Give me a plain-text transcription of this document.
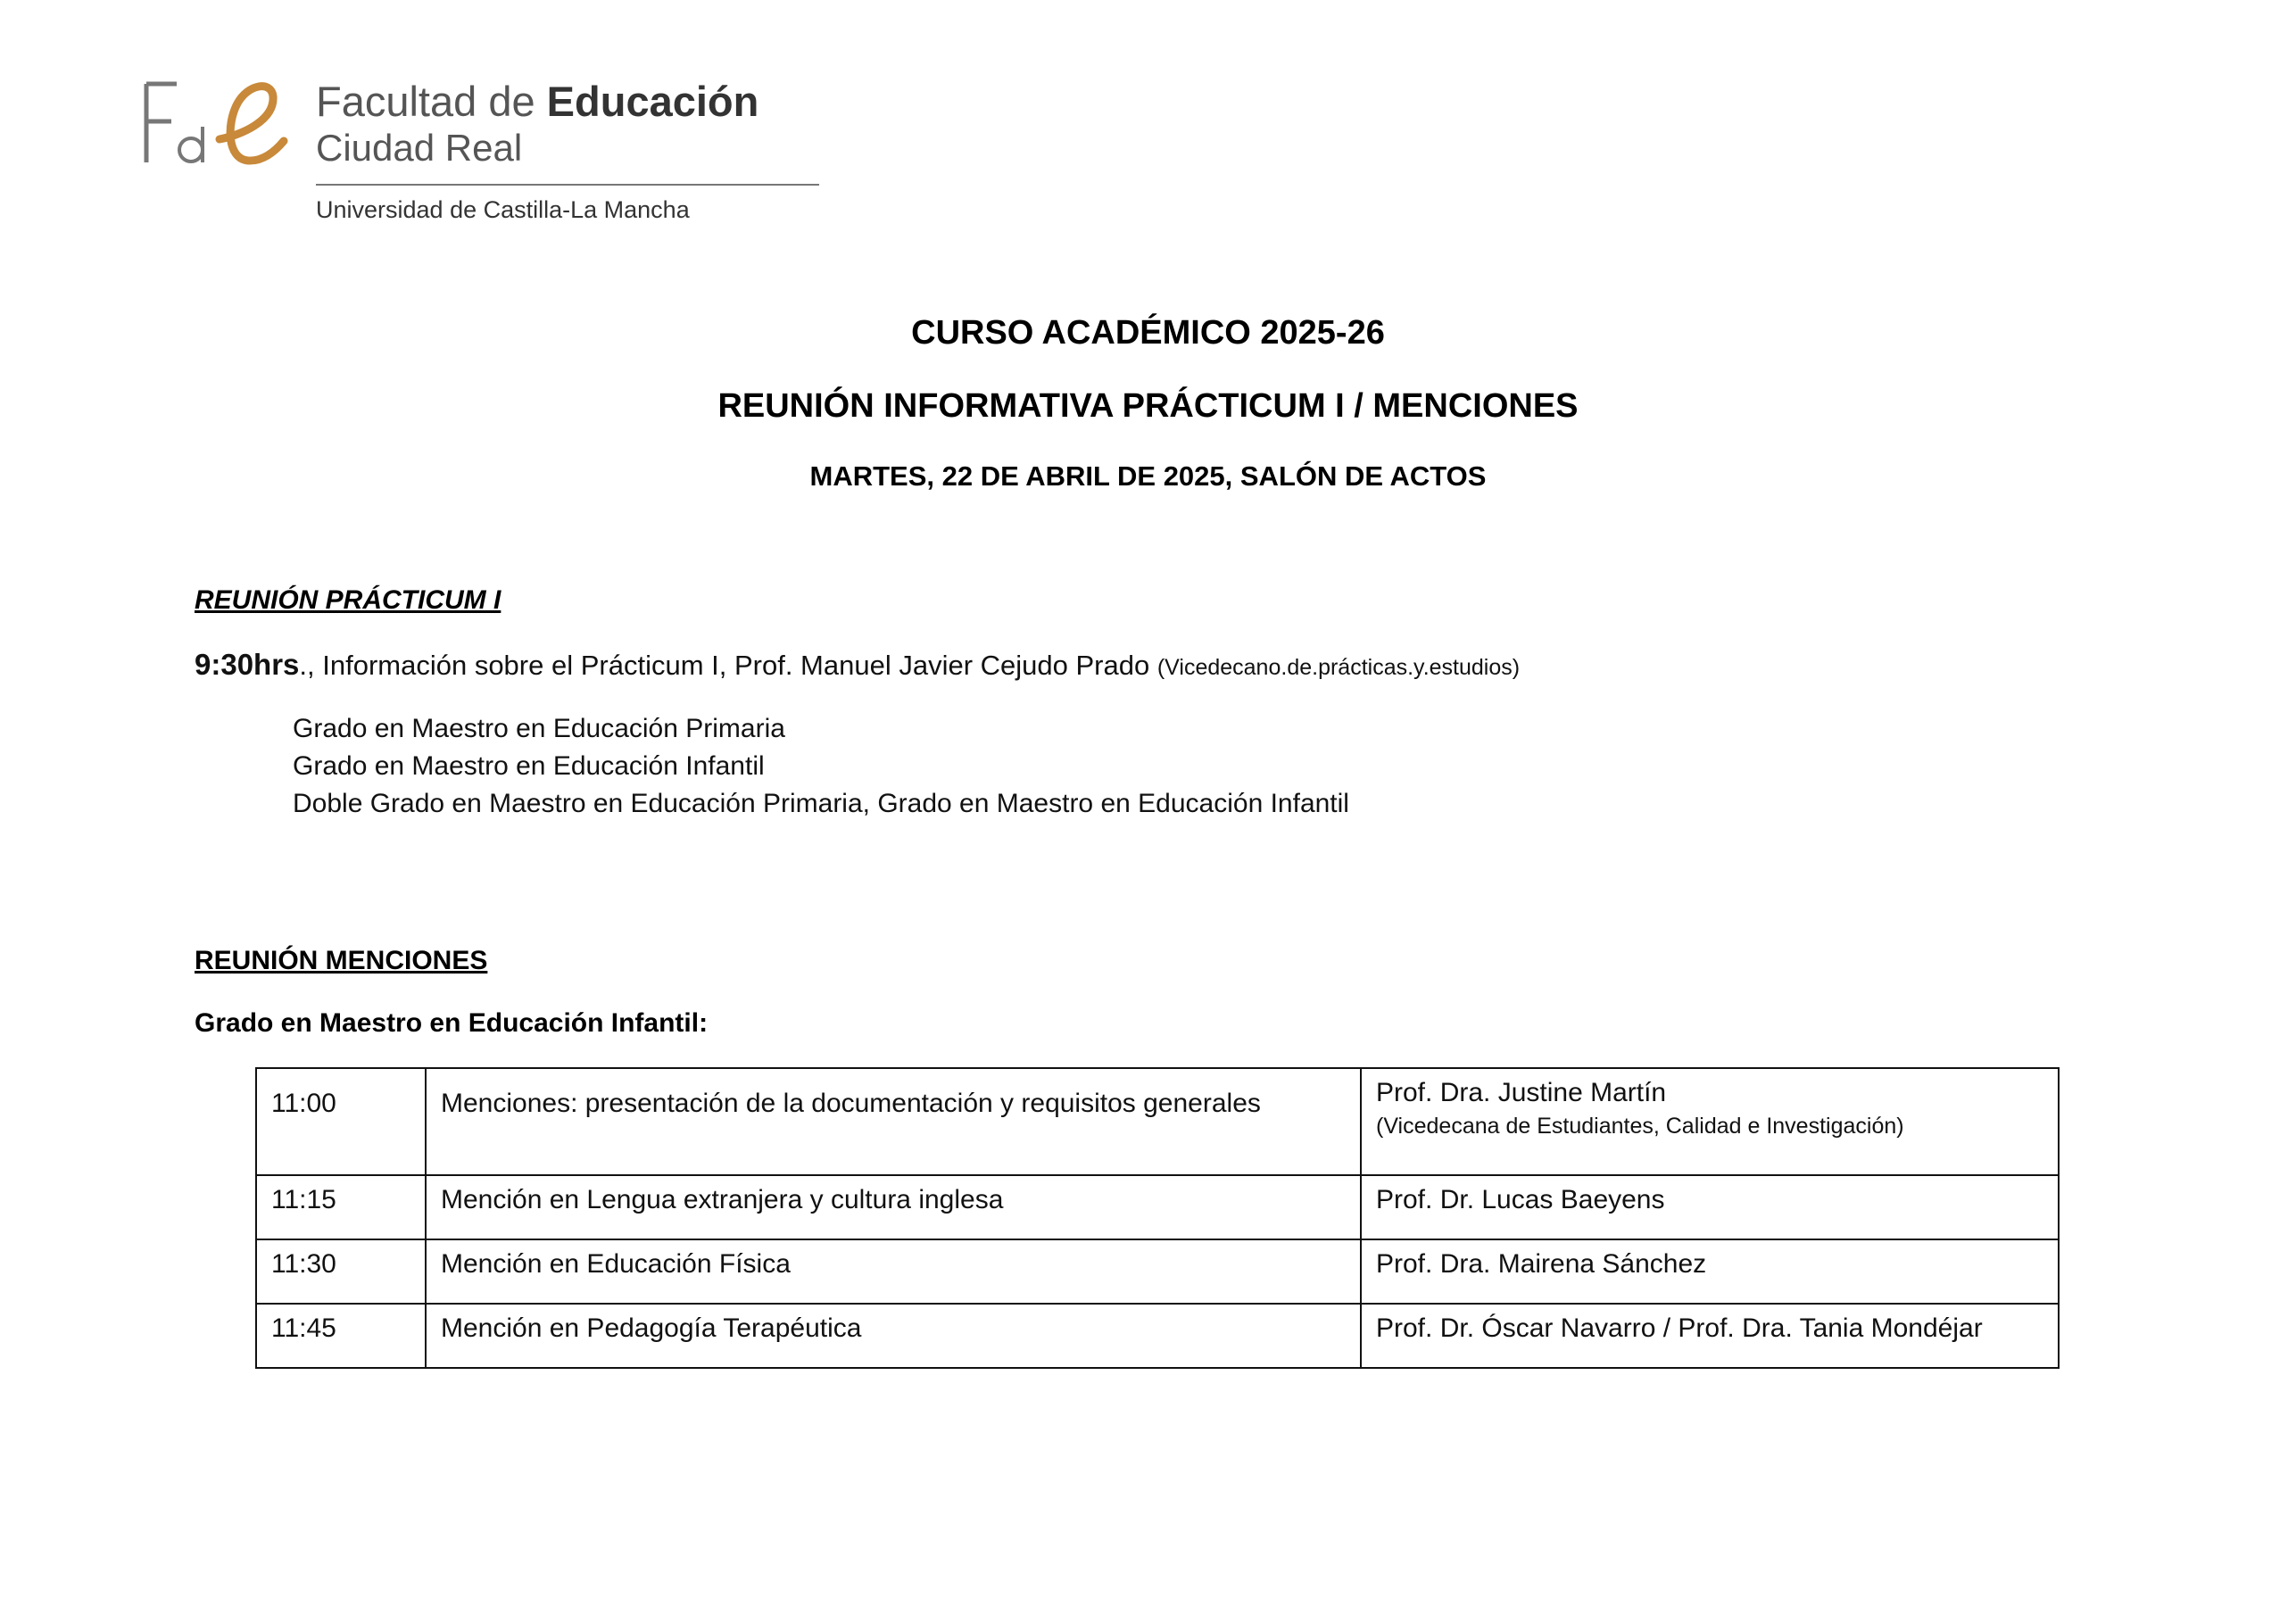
Facultad de Educación
Ciudad Real
Universidad de Castilla-La Mancha
CURSO ACADÉMICO 2025-26
REUNIÓN INFORMATIVA PRÁCTICUM I / MENCIONES
MARTES, 22 DE ABRIL DE 2025, SALÓN DE ACTOS
REUNIÓN PRÁCTICUM I
9:30hrs., Información sobre el Prácticum I, Prof. Manuel Javier Cejudo Prado (Vicedecano.de.prácticas.y.estudios)
Grado en Maestro en Educación Primaria
Grado en Maestro en Educación Infantil
Doble Grado en Maestro en Educación Primaria, Grado en Maestro en Educación Infantil
REUNIÓN MENCIONES
Grado en Maestro en Educación Infantil:
11:00	Menciones: presentación de la documentación y requisitos generales	Prof. Dra. Justine Martín
(Vicedecana de Estudiantes, Calidad e Investigación)

11:15	Mención en Lengua extranjera y cultura inglesa	Prof. Dr. Lucas Baeyens
11:30	Mención en Educación Física	Prof. Dra. Mairena Sánchez
11:45	Mención en Pedagogía Terapéutica	Prof. Dr. Óscar Navarro / Prof. Dra. Tania Mondéjar
